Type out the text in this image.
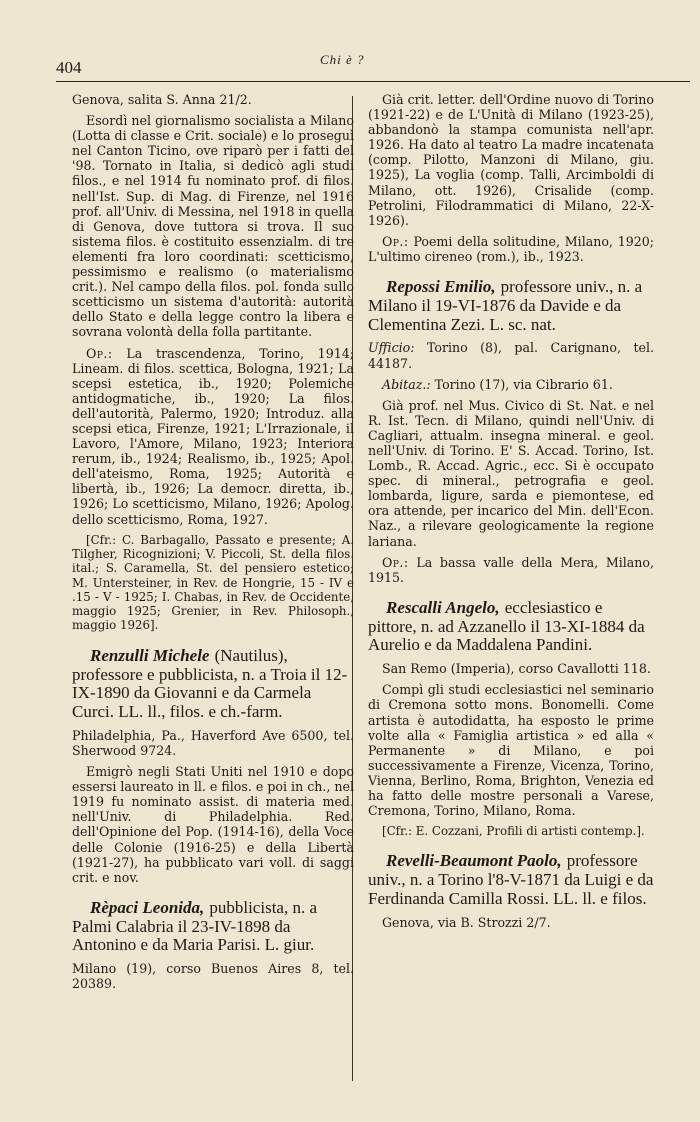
404	Chi è ?

Genova, salita S. Anna 21/2.

Esordì nel giornalismo socialista a Milano (Lotta di classe e Crit. sociale) e lo proseguì nel Canton Ticino, ove riparò per i fatti del '98. Tornato in Italia, si dedicò agli studi filos., e nel 1914 fu nominato prof. di filos. nell'Ist. Sup. di Mag. di Firenze, nel 1916 prof. all'Univ. di Messina, nel 1918 in quella di Genova, dove tuttora si trova. Il suo sistema filos. è costituito essenzialm. di tre elementi fra loro coordinati: scetticismo, pessimismo e realismo (o materialismo crit.). Nel campo della filos. pol. fonda sullo scetticismo un sistema d'autorità: autorità dello Stato e della legge contro la libera e sovrana volontà della folla partitante.

Op.: La trascendenza, Torino, 1914; Lineam. di filos. scettica, Bologna, 1921; La scepsi estetica, ib., 1920; Polemiche antidogmatiche, ib., 1920; La filos. dell'autorità, Palermo, 1920; Introduz. alla scepsi etica, Firenze, 1921; L'Irrazionale, il Lavoro, l'Amore, Milano, 1923; Interiora rerum, ib., 1924; Realismo, ib., 1925; Apol. dell'ateismo, Roma, 1925; Autorità e libertà, ib., 1926; La democr. diretta, ib., 1926; Lo scetticismo, Milano, 1926; Apolog. dello scetticismo, Roma, 1927.

[Cfr.: C. Barbagallo, Passato e presente; A. Tilgher, Ricognizioni; V. Piccoli, St. della filos. ital.; S. Caramella, St. del pensiero estetico; M. Untersteiner, in Rev. de Hongrie, 15 - IV e .15 - V - 1925; I. Chabas, in Rev. de Occidente, maggio 1925; Grenier, in Rev. Philosoph., maggio 1926].

Renzulli Michele (Nautilus), professore e pubblicista, n. a Troia il 12-IX-1890 da Giovanni e da Carmela Curci. LL. ll., filos. e ch.-farm.

Philadelphia, Pa., Haverford Ave 6500, tel. Sherwood 9724.

Emigrò negli Stati Uniti nel 1910 e dopo essersi laureato in ll. e filos. e poi in ch., nel 1919 fu nominato assist. di materia med. nell'Univ. di Philadelphia. Red. dell'Opinione del Pop. (1914-16), della Voce delle Colonie (1916-25) e della Libertà (1921-27), ha pubblicato vari voll. di saggi crit. e nov.

Rèpaci Leonida, pubblicista, n. a Palmi Calabria il 23-IV-1898 da Antonino e da Maria Parisi. L. giur.

Milano (19), corso Buenos Aires 8, tel. 20389.

Già crit. letter. dell'Ordine nuovo di Torino (1921-22) e de L'Unità di Milano (1923-25), abbandonò la stampa comunista nell'apr. 1926. Ha dato al teatro La madre incatenata (comp. Pilotto, Manzoni di Milano, giu. 1925), La voglia (comp. Talli, Arcimboldi di Milano, ott. 1926), Crisalide (comp. Petrolini, Filodrammatici di Milano, 22-X-1926).

Op.: Poemi della solitudine, Milano, 1920; L'ultimo cireneo (rom.), ib., 1923.

Repossi Emilio, professore univ., n. a Milano il 19-VI-1876 da Davide e da Clementina Zezi. L. sc. nat.

Ufficio: Torino (8), pal. Carignano, tel. 44187.

Abitaz.: Torino (17), via Cibrario 61.

Già prof. nel Mus. Civico di St. Nat. e nel R. Ist. Tecn. di Milano, quindi nell'Univ. di Cagliari, attualm. insegna mineral. e geol. nell'Univ. di Torino. E' S. Accad. Torino, Ist. Lomb., R. Accad. Agric., ecc. Si è occupato spec. di mineral., petrografia e geol. lombarda, ligure, sarda e piemontese, ed ora attende, per incarico del Min. dell'Econ. Naz., a rilevare geologicamente la regione lariana.

Op.: La bassa valle della Mera, Milano, 1915.

Rescalli Angelo, ecclesiastico e pittore, n. ad Azzanello il 13-XI-1884 da Aurelio e da Maddalena Pandini.

San Remo (Imperia), corso Cavallotti 118.

Compì gli studi ecclesiastici nel seminario di Cremona sotto mons. Bonomelli. Come artista è autodidatta, ha esposto le prime volte alla « Famiglia artistica » ed alla « Permanente » di Milano, e poi successivamente a Firenze, Vicenza, Torino, Vienna, Berlino, Roma, Brighton, Venezia ed ha fatto delle mostre personali a Varese, Cremona, Torino, Milano, Roma.

[Cfr.: E. Cozzani, Profili di artisti contemp.].

Revelli-Beaumont Paolo, professore univ., n. a Torino l'8-V-1871 da Luigi e da Ferdinanda Camilla Rossi. LL. ll. e filos.

Genova, via B. Strozzi 2/7.
